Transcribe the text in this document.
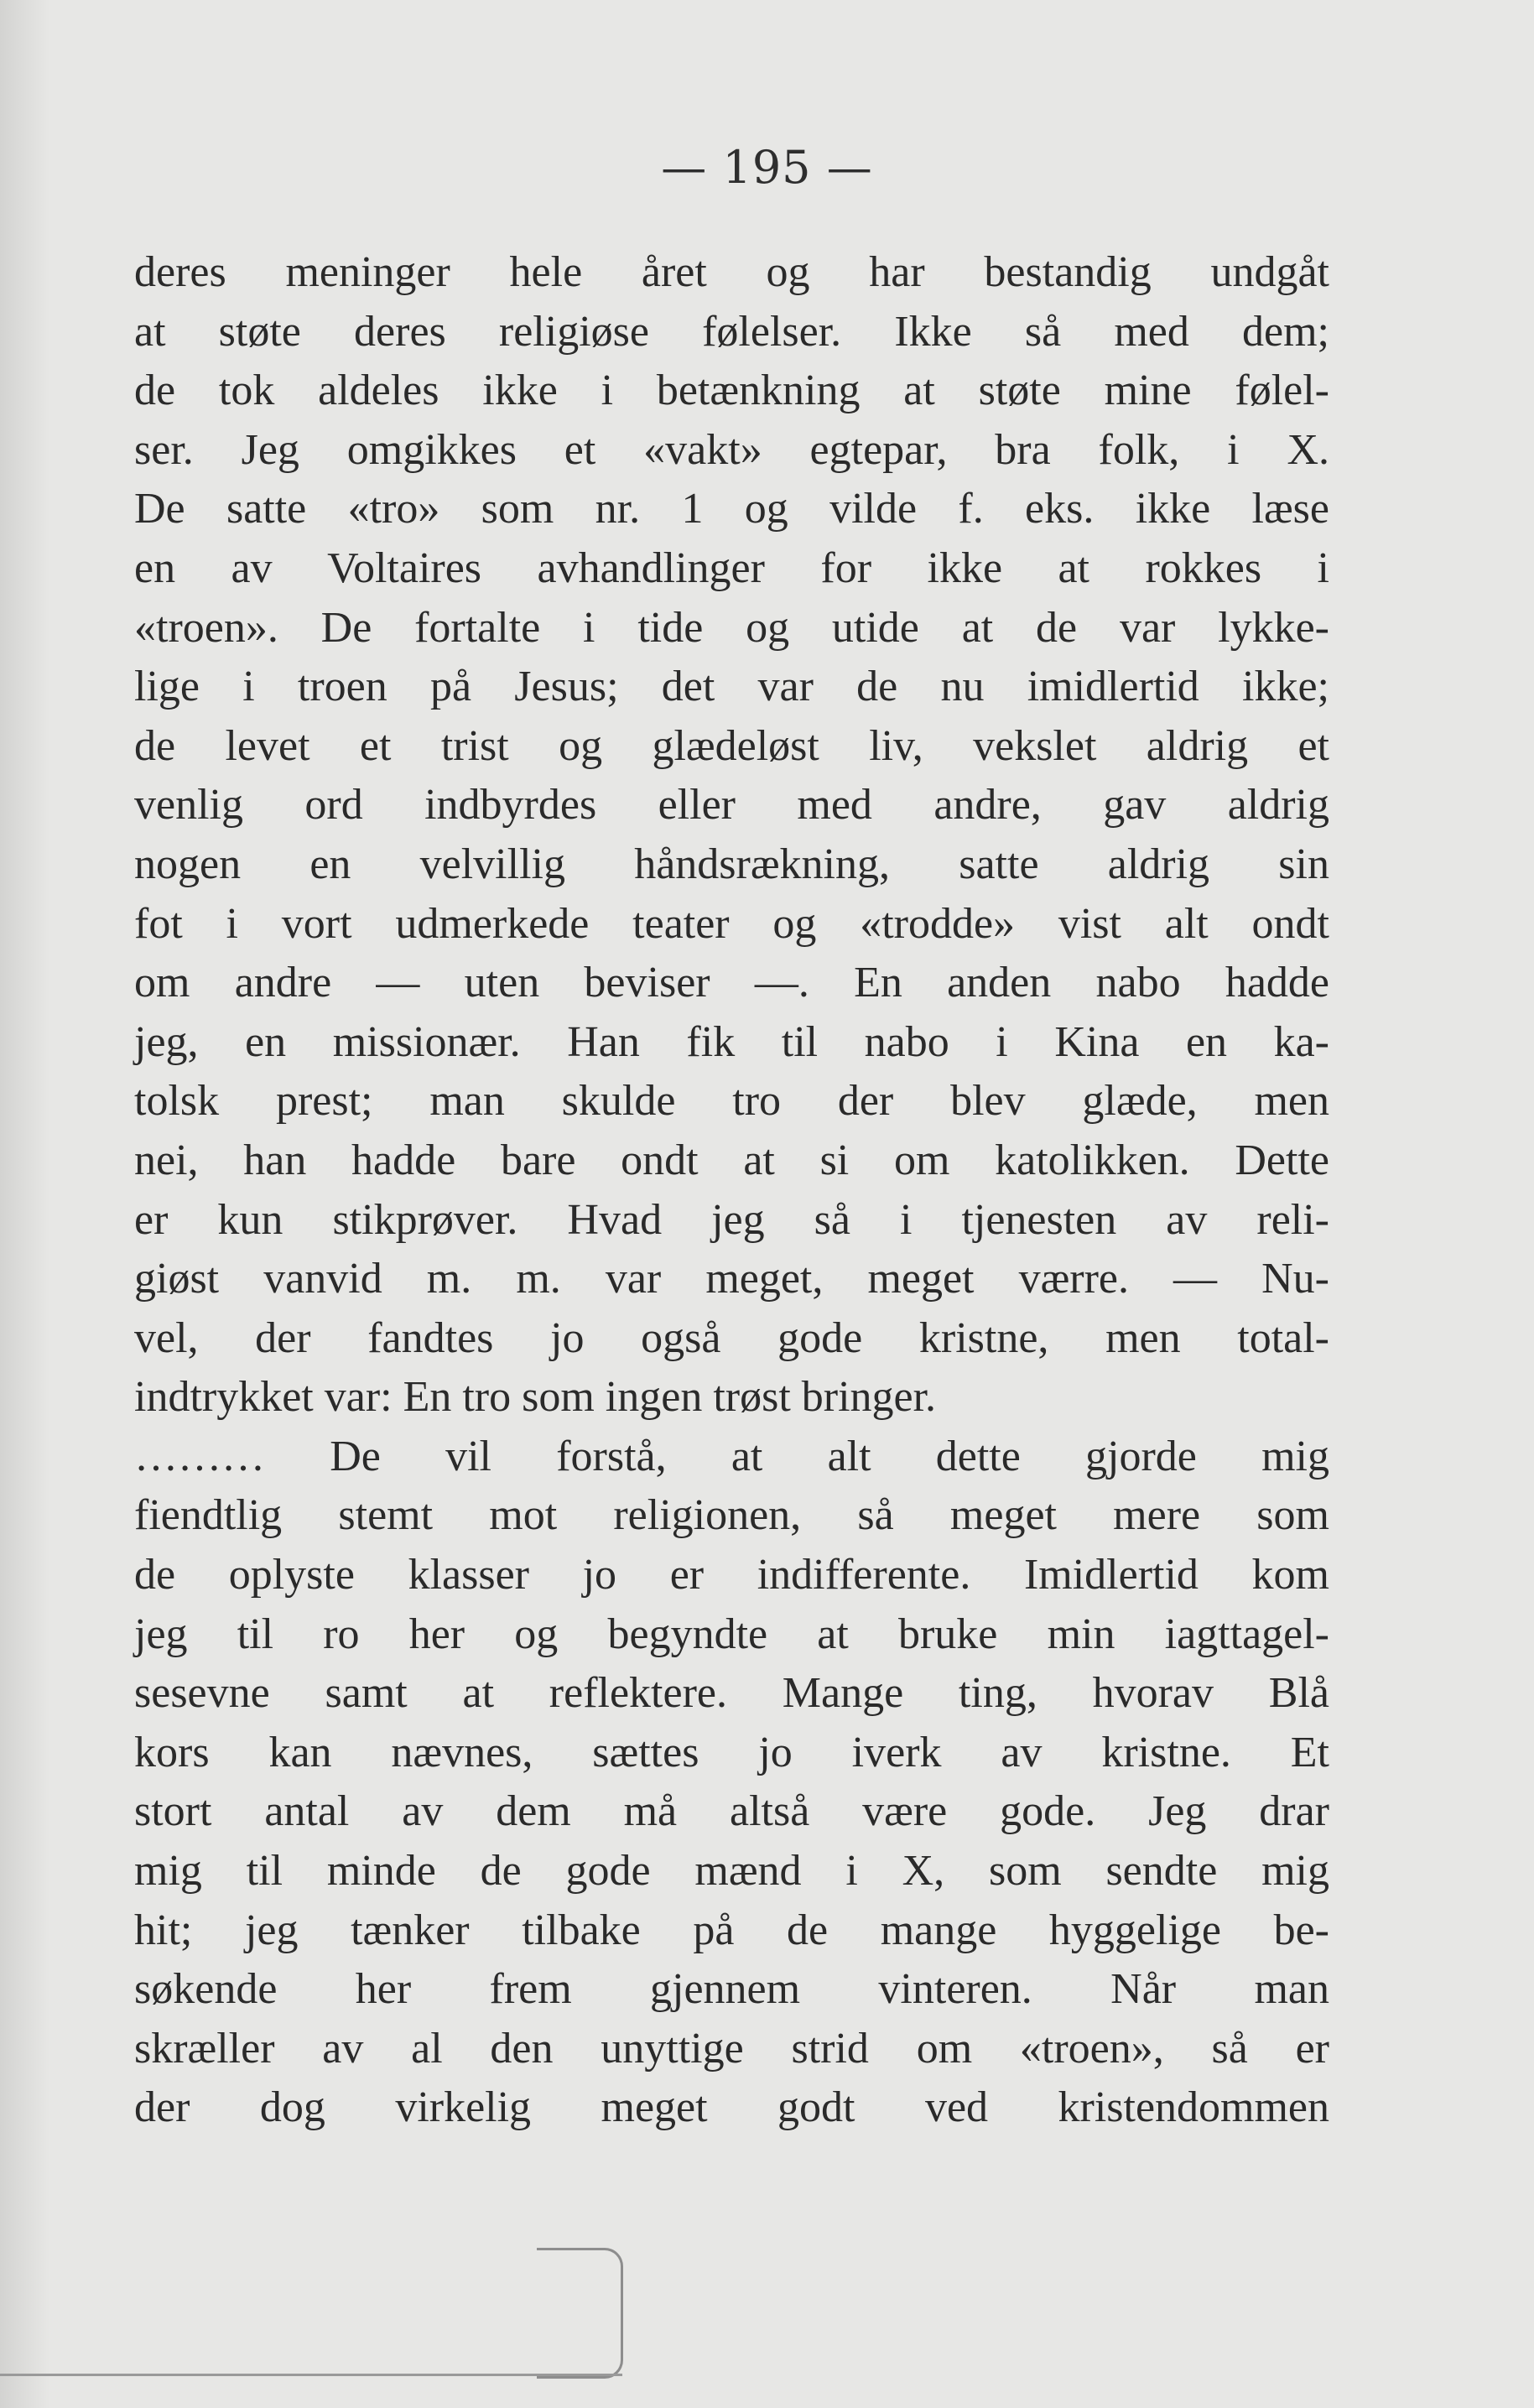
— 195 —
deres meninger hele året og har bestandig undgåt
at støte deres religiøse følelser. Ikke så med dem;
de tok aldeles ikke i betænkning at støte mine følel-
ser. Jeg omgikkes et «vakt» egtepar, bra folk, i X.
De satte «tro» som nr. 1 og vilde f. eks. ikke læse
en av Voltaires avhandlinger for ikke at rokkes i
«troen». De fortalte i tide og utide at de var lykke-
lige i troen på Jesus; det var de nu imidlertid ikke;
de levet et trist og glædeløst liv, vekslet aldrig et
venlig ord indbyrdes eller med andre, gav aldrig
nogen en velvillig håndsrækning, satte aldrig sin
fot i vort udmerkede teater og «trodde» vist alt ondt
om andre — uten beviser —. En anden nabo hadde
jeg, en missionær. Han fik til nabo i Kina en ka-
tolsk prest; man skulde tro der blev glæde, men
nei, han hadde bare ondt at si om katolikken. Dette
er kun stikprøver. Hvad jeg så i tjenesten av reli-
giøst vanvid m. m. var meget, meget værre. — Nu-
vel, der fandtes jo også gode kristne, men total-
indtrykket var: En tro som ingen trøst bringer.
……… De vil forstå, at alt dette gjorde mig
fiendtlig stemt mot religionen, så meget mere som
de oplyste klasser jo er indifferente. Imidlertid kom
jeg til ro her og begyndte at bruke min iagttagel-
sesevne samt at reflektere. Mange ting, hvorav Blå
kors kan nævnes, sættes jo iverk av kristne. Et
stort antal av dem må altså være gode. Jeg drar
mig til minde de gode mænd i X, som sendte mig
hit; jeg tænker tilbake på de mange hyggelige be-
søkende her frem gjennem vinteren. Når man
skræller av al den unyttige strid om «troen», så er
der dog virkelig meget godt ved kristendommen
